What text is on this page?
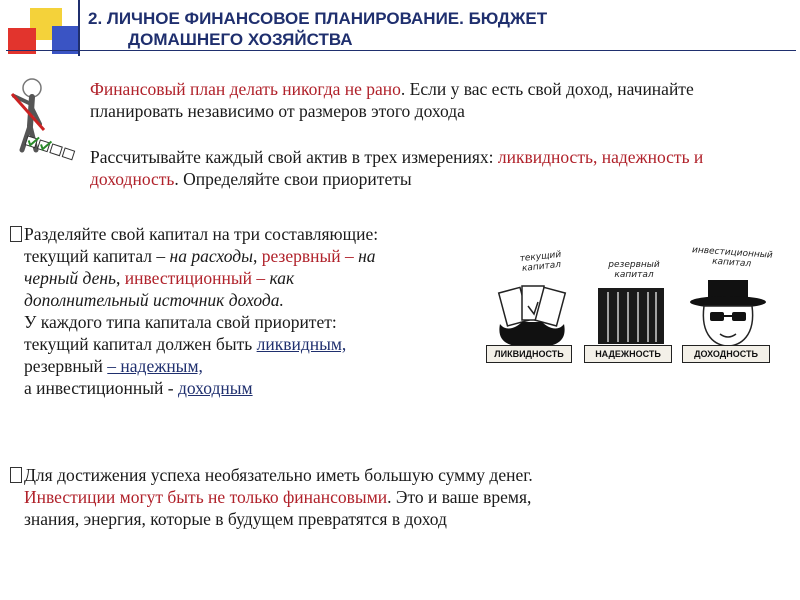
2. ЛИЧНОЕ ФИНАНСОВОЕ ПЛАНИРОВАНИЕ. БЮДЖЕТ
ДОМАШНЕГО ХОЗЯЙСТВА
Финансовый план делать никогда не рано. Если у вас есть свой доход, начинайте планировать независимо от размеров этого дохода
Рассчитывайте каждый свой актив в трех измерениях: ликвидность, надежность и доходность. Определяйте свои приоритеты
Разделяйте свой капитал на три составляющие:
текущий капитал – на расходы, резервный – на
черный день, инвестиционный – как
дополнительный источник дохода.
У каждого типа капитала свой приоритет:
текущий капитал должен быть ликвидным,
резервный – надежным,
а инвестиционный - доходным
текущий капитал	резервный капитал
инвестиционный капитал
ЛИКВИДНОСТЬ	НАДЕЖНОСТЬ	ДОХОДНОСТЬ
Для достижения успеха необязательно иметь большую сумму денег.
Инвестиции могут быть не только финансовыми. Это и ваше время,
знания, энергия, которые в будущем превратятся в доход
